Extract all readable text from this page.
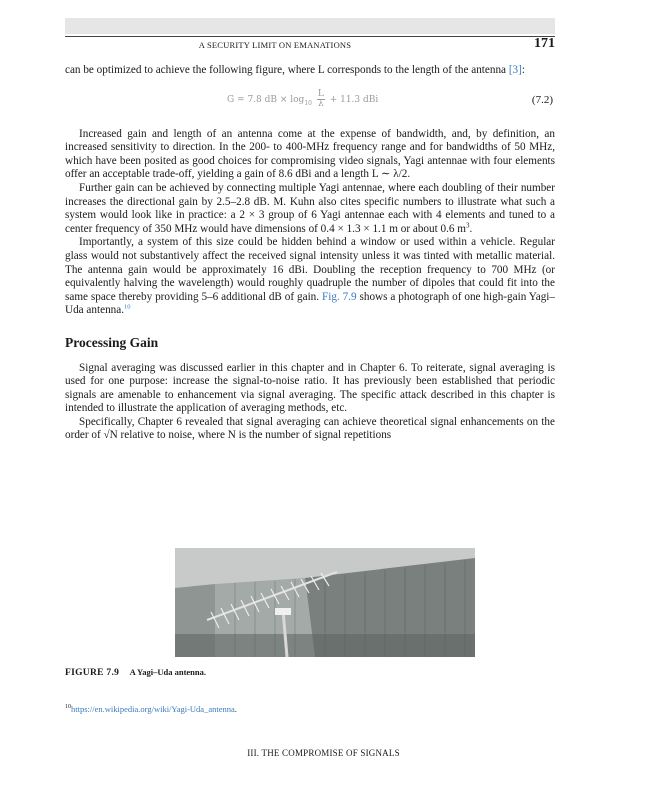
A SECURITY LIMIT ON EMANATIONS	171

can be optimized to achieve the following figure, where L corresponds to the length of the antenna [3]:

G = 7.8 dB × $\log_{10} \frac{L}{\lambda} + 11.3$ dBi	(7.2)

Increased gain and length of an antenna come at the expense of bandwidth, and, by definition, an increased sensitivity to direction. In the 200- to 400-MHz frequency range and for bandwidths of 50 MHz, which have been posited as good choices for compromising video signals, Yagi antennae with four elements offer an acceptable trade-off, yielding a gain of 8.6 dBi and a length L ∼ λ/2.

Further gain can be achieved by connecting multiple Yagi antennae, where each doubling of their number increases the directional gain by 2.5–2.8 dB. M. Kuhn also cites specific numbers to illustrate what such a system would look like in practice: a 2 × 3 group of 6 Yagi antennae each with 4 elements and tuned to a center frequency of 350 MHz would have dimensions of 0.4 × 1.3 × 1.1 m or about 0.6 $m^3$.

Importantly, a system of this size could be hidden behind a window or used within a vehicle. Regular glass would not substantively affect the received signal intensity unless it was tinted with metallic material. The antenna gain would be approximately 16 dBi. Doubling the reception frequency to 700 MHz (or equivalently halving the wavelength) would roughly quadruple the number of dipoles that could fit into the same space thereby providing 5–6 additional dB of gain. Fig. 7.9 shows a photograph of one high-gain Yagi–Uda antenna.$^{10}$

Processing Gain

Signal averaging was discussed earlier in this chapter and in Chapter 6. To reiterate, signal averaging is used for one purpose: increase the signal-to-noise ratio. It has previously been established that periodic signals are amenable to enhancement via signal averaging. The specific attack described in this chapter is intended to illustrate the application of averaging methods, etc.

Specifically, Chapter 6 revealed that signal averaging can achieve theoretical signal enhancements on the order of √N relative to noise, where N is the number of signal repetitions

FIGURE 7.9 A Yagi–Uda antenna.
$^{10}$https://en.wikipedia.org/wiki/Yagi-Uda_antenna.
III. THE COMPROMISE OF SIGNALS
